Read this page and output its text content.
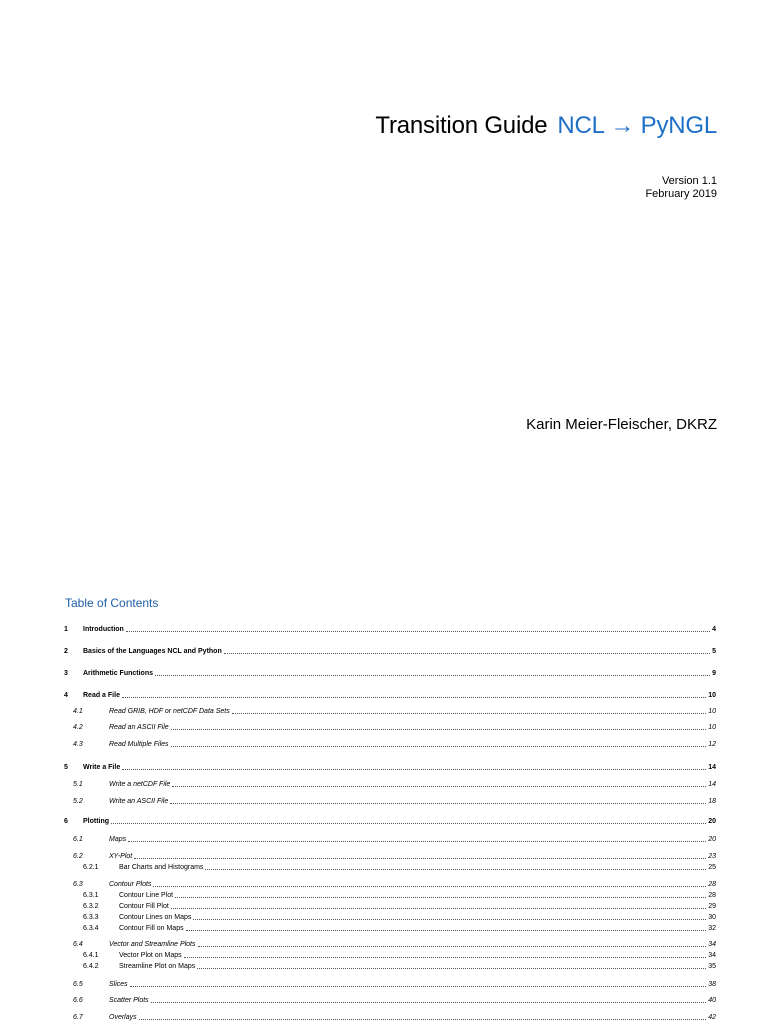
Transition Guide NCL → PyNGL
Version 1.1
February 2019
Karin Meier-Fleischer, DKRZ
Table of Contents
1	Introduction	4
2	Basics of the Languages NCL and Python	5
3	Arithmetic Functions	9
4	Read a File	10
4.1	Read GRIB, HDF or netCDF Data Sets	10
4.2	Read an ASCII File	10
4.3	Read Multiple Files	12
5	Write a File	14
5.1	Write a netCDF File	14
5.2	Write an ASCII File	18
6	Plotting	20
6.1	Maps	20
6.2	XY-Plot	23
6.2.1	Bar Charts and Histograms	25
6.3	Contour Plots	28
6.3.1	Contour Line Plot	28
6.3.2	Contour Fill Plot	29
6.3.3	Contour Lines on Maps	30
6.3.4	Contour Fill on Maps	32
6.4	Vector and Streamline Plots	34
6.4.1	Vector Plot on Maps	34
6.4.2	Streamline Plot on Maps	35
6.5	Slices	38
6.6	Scatter Plots	40
6.7	Overlays	42
